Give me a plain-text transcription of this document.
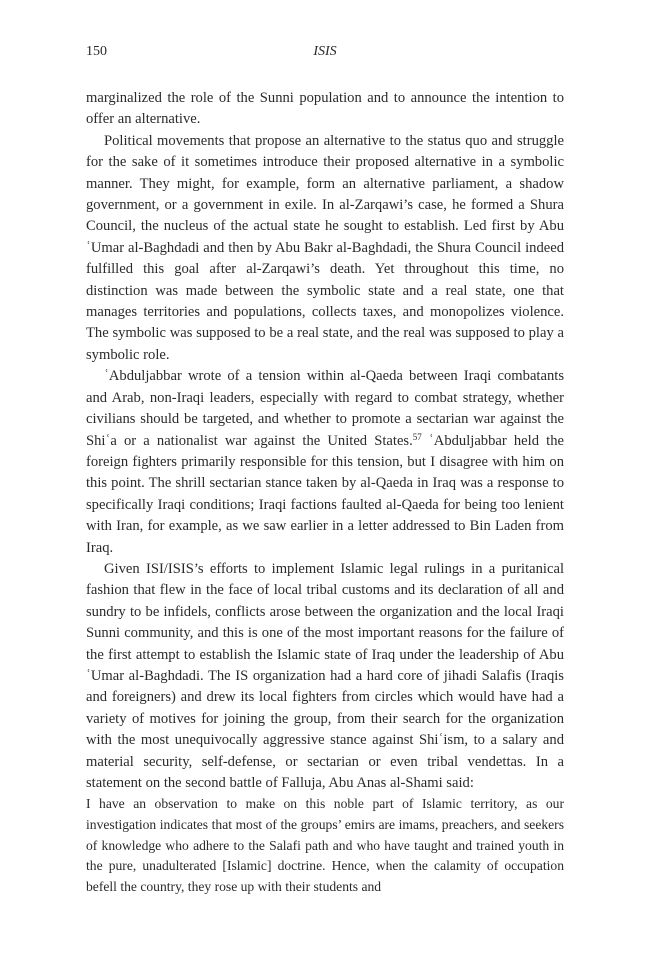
150	ISIS

marginalized the role of the Sunni population and to announce the intention to offer an alternative.

Political movements that propose an alternative to the status quo and struggle for the sake of it sometimes introduce their proposed alternative in a symbolic manner. They might, for example, form an alternative parliament, a shadow government, or a government in exile. In al-Zarqawi’s case, he formed a Shura Council, the nucleus of the actual state he sought to establish. Led first by Abu ʿUmar al-Baghdadi and then by Abu Bakr al-Baghdadi, the Shura Council indeed fulfilled this goal after al-Zarqawi’s death. Yet throughout this time, no distinction was made between the symbolic state and a real state, one that manages territories and populations, collects taxes, and monopolizes violence. The symbolic was supposed to be a real state, and the real was supposed to play a symbolic role.

ʿAbduljabbar wrote of a tension within al-Qaeda between Iraqi combatants and Arab, non-Iraqi leaders, especially with regard to combat strategy, whether civilians should be targeted, and whether to promote a sectarian war against the Shiʿa or a nationalist war against the United States.$^{57}$ ʿAbduljabbar held the foreign fighters primarily responsible for this tension, but I disagree with him on this point. The shrill sectarian stance taken by al-Qaeda in Iraq was a response to specifically Iraqi conditions; Iraqi factions faulted al-Qaeda for being too lenient with Iran, for example, as we saw earlier in a letter addressed to Bin Laden from Iraq.

Given ISI/ISIS’s efforts to implement Islamic legal rulings in a puritanical fashion that flew in the face of local tribal customs and its declaration of all and sundry to be infidels, conflicts arose between the organization and the local Iraqi Sunni community, and this is one of the most important reasons for the failure of the first attempt to establish the Islamic state of Iraq under the leadership of Abu ʿUmar al-Baghdadi. The IS organization had a hard core of jihadi Salafis (Iraqis and foreigners) and drew its local fighters from circles which would have had a variety of motives for joining the group, from their search for the organization with the most unequivocally aggressive stance against Shiʿism, to a salary and material security, self-defense, or sectarian or even tribal vendettas. In a statement on the second battle of Falluja, Abu Anas al-Shami said:

I have an observation to make on this noble part of Islamic territory, as our investigation indicates that most of the groups’ emirs are imams, preachers, and seekers of knowledge who adhere to the Salafi path and who have taught and trained youth in the pure, unadulterated [Islamic] doctrine. Hence, when the calamity of occupation befell the country, they rose up with their students and
